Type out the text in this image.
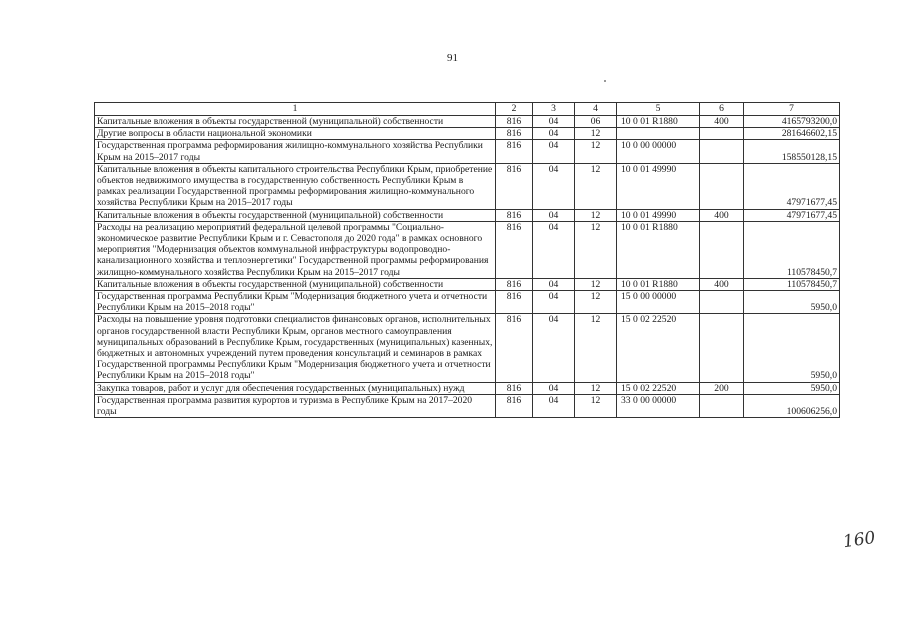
91
1	2	3	4	5	6	7
Капитальные вложения в объекты государственной (муниципальной) собственности	816	04	06	10 0 01 R1880	400	4165793200,0
Другие вопросы в области национальной экономики	816	04	12			281646602,15
Государственная программа реформирования жилищно-коммунального хозяйства Республики Крым на 2015–2017 годы	816	04	12	10 0 00 00000		158550128,15
Капитальные вложения в объекты капитального строительства Республики Крым, приобретение объектов недвижимого имущества в государственную собственность Республики Крым в рамках реализации Государственной программы реформирования жилищно-коммунального хозяйства Республики Крым на 2015–2017 годы	816	04	12	10 0 01 49990		47971677,45
Капитальные вложения в объекты государственной (муниципальной) собственности	816	04	12	10 0 01 49990	400	47971677,45
Расходы на реализацию мероприятий федеральной целевой программы "Социально-экономическое развитие Республики Крым и г. Севастополя до 2020 года" в рамках основного мероприятия "Модернизация объектов коммунальной инфраструктуры водопроводно-канализационного хозяйства и теплоэнергетики" Государственной программы реформирования жилищно-коммунального хозяйства Республики Крым на 2015–2017 годы	816	04	12	10 0 01 R1880		110578450,7
Капитальные вложения в объекты государственной (муниципальной) собственности	816	04	12	10 0 01 R1880	400	110578450,7
Государственная программа Республики Крым "Модернизация бюджетного учета и отчетности Республики Крым на 2015–2018 годы"	816	04	12	15 0 00 00000		5950,0
Расходы на повышение уровня подготовки специалистов финансовых органов, исполнительных органов государственной власти Республики Крым, органов местного самоуправления муниципальных образований в Республике Крым, государственных (муниципальных) казенных, бюджетных и автономных учреждений путем проведения консультаций и семинаров в рамках Государственной программы Республики Крым "Модернизация бюджетного учета и отчетности Республики Крым на 2015–2018 годы"	816	04	12	15 0 02 22520		5950,0
Закупка товаров, работ и услуг для обеспечения государственных (муниципальных) нужд	816	04	12	15 0 02 22520	200	5950,0
Государственная программа развития курортов и туризма в Республике Крым на 2017–2020 годы	816	04	12	33 0 00 00000		100606256,0
160
